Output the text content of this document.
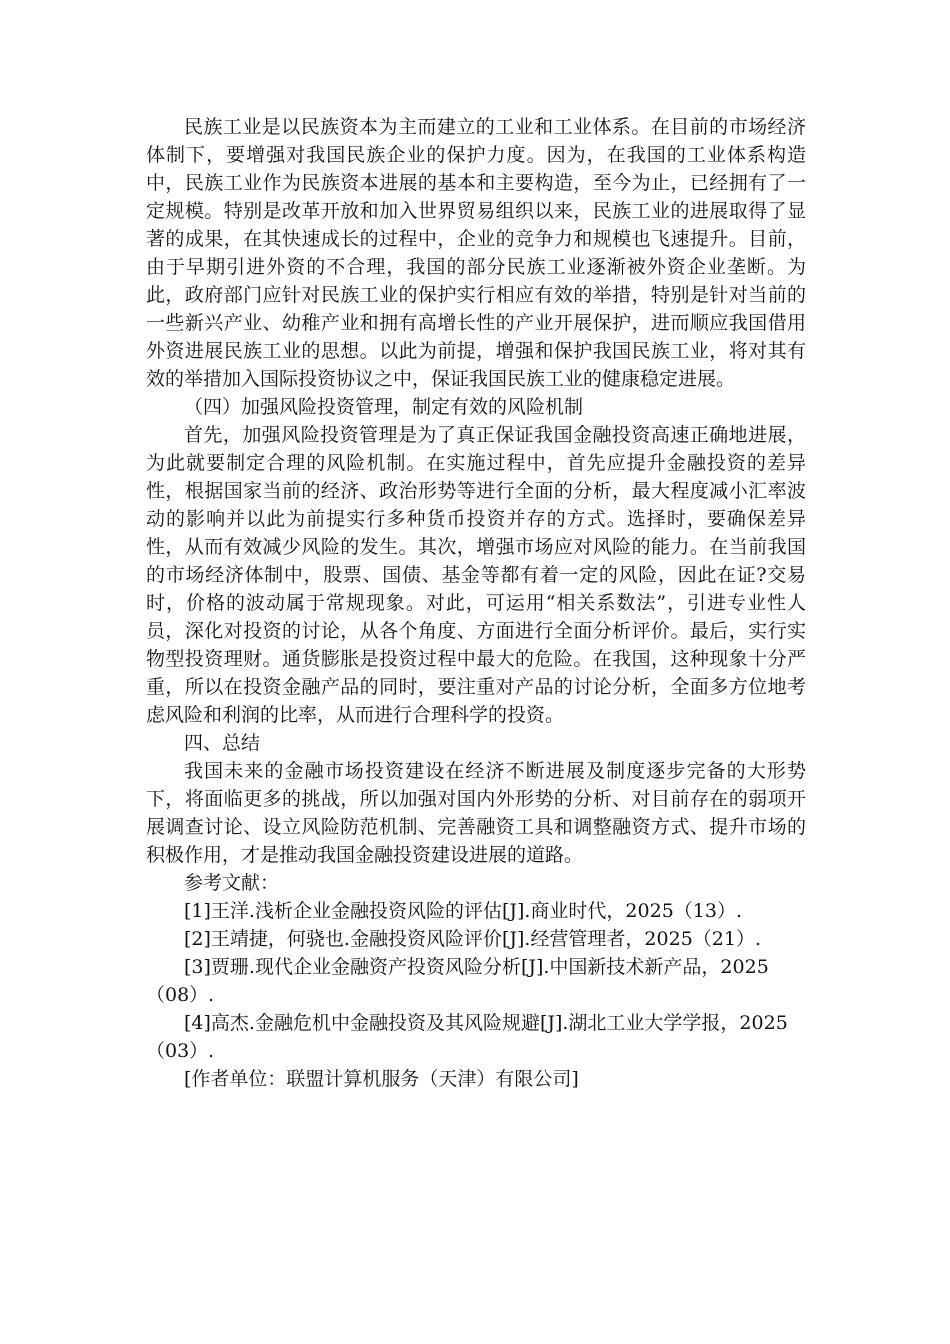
民族工业是以民族资本为主而建立的工业和工业体系。在目前的市场经济体制下，要增强对我国民族企业的保护力度。因为，在我国的工业体系构造中，民族工业作为民族资本进展的基本和主要构造，至今为止，已经拥有了一定规模。特别是改革开放和加入世界贸易组织以来，民族工业的进展取得了显著的成果，在其快速成长的过程中，企业的竞争力和规模也飞速提升。目前，由于早期引进外资的不合理，我国的部分民族工业逐渐被外资企业垄断。为此，政府部门应针对民族工业的保护实行相应有效的举措，特别是针对当前的一些新兴产业、幼稚产业和拥有高增长性的产业开展保护，进而顺应我国借用外资进展民族工业的思想。以此为前提，增强和保护我国民族工业，将对其有效的举措加入国际投资协议之中，保证我国民族工业的健康稳定进展。

（四）加强风险投资管理，制定有效的风险机制

首先，加强风险投资管理是为了真正保证我国金融投资高速正确地进展，为此就要制定合理的风险机制。在实施过程中，首先应提升金融投资的差异性，根据国家当前的经济、政治形势等进行全面的分析，最大程度减小汇率波动的影响并以此为前提实行多种货币投资并存的方式。选择时，要确保差异性，从而有效减少风险的发生。其次，增强市场应对风险的能力。在当前我国的市场经济体制中，股票、国债、基金等都有着一定的风险，因此在证?交易时，价格的波动属于常规现象。对此，可运用“相关系数法”，引进专业性人员，深化对投资的讨论，从各个角度、方面进行全面分析评价。最后，实行实物型投资理财。通货膨胀是投资过程中最大的危险。在我国，这种现象十分严重，所以在投资金融产品的同时，要注重对产品的讨论分析，全面多方位地考虑风险和利润的比率，从而进行合理科学的投资。

四、总结

我国未来的金融市场投资建设在经济不断进展及制度逐步完备的大形势下，将面临更多的挑战，所以加强对国内外形势的分析、对目前存在的弱项开展调查讨论、设立风险防范机制、完善融资工具和调整融资方式、提升市场的积极作用，才是推动我国金融投资建设进展的道路。

参考文献：

[1]王洋.浅析企业金融投资风险的评估[J].商业时代，2025（13）.

[2]王靖捷，何骁也.金融投资风险评价[J].经营管理者，2025（21）.

[3]贾珊.现代企业金融资产投资风险分析[J].中国新技术新产品，2025（08）.

[4]高杰.金融危机中金融投资及其风险规避[J].湖北工业大学学报，2025（03）.

[作者单位：联盟计算机服务（天津）有限公司]
